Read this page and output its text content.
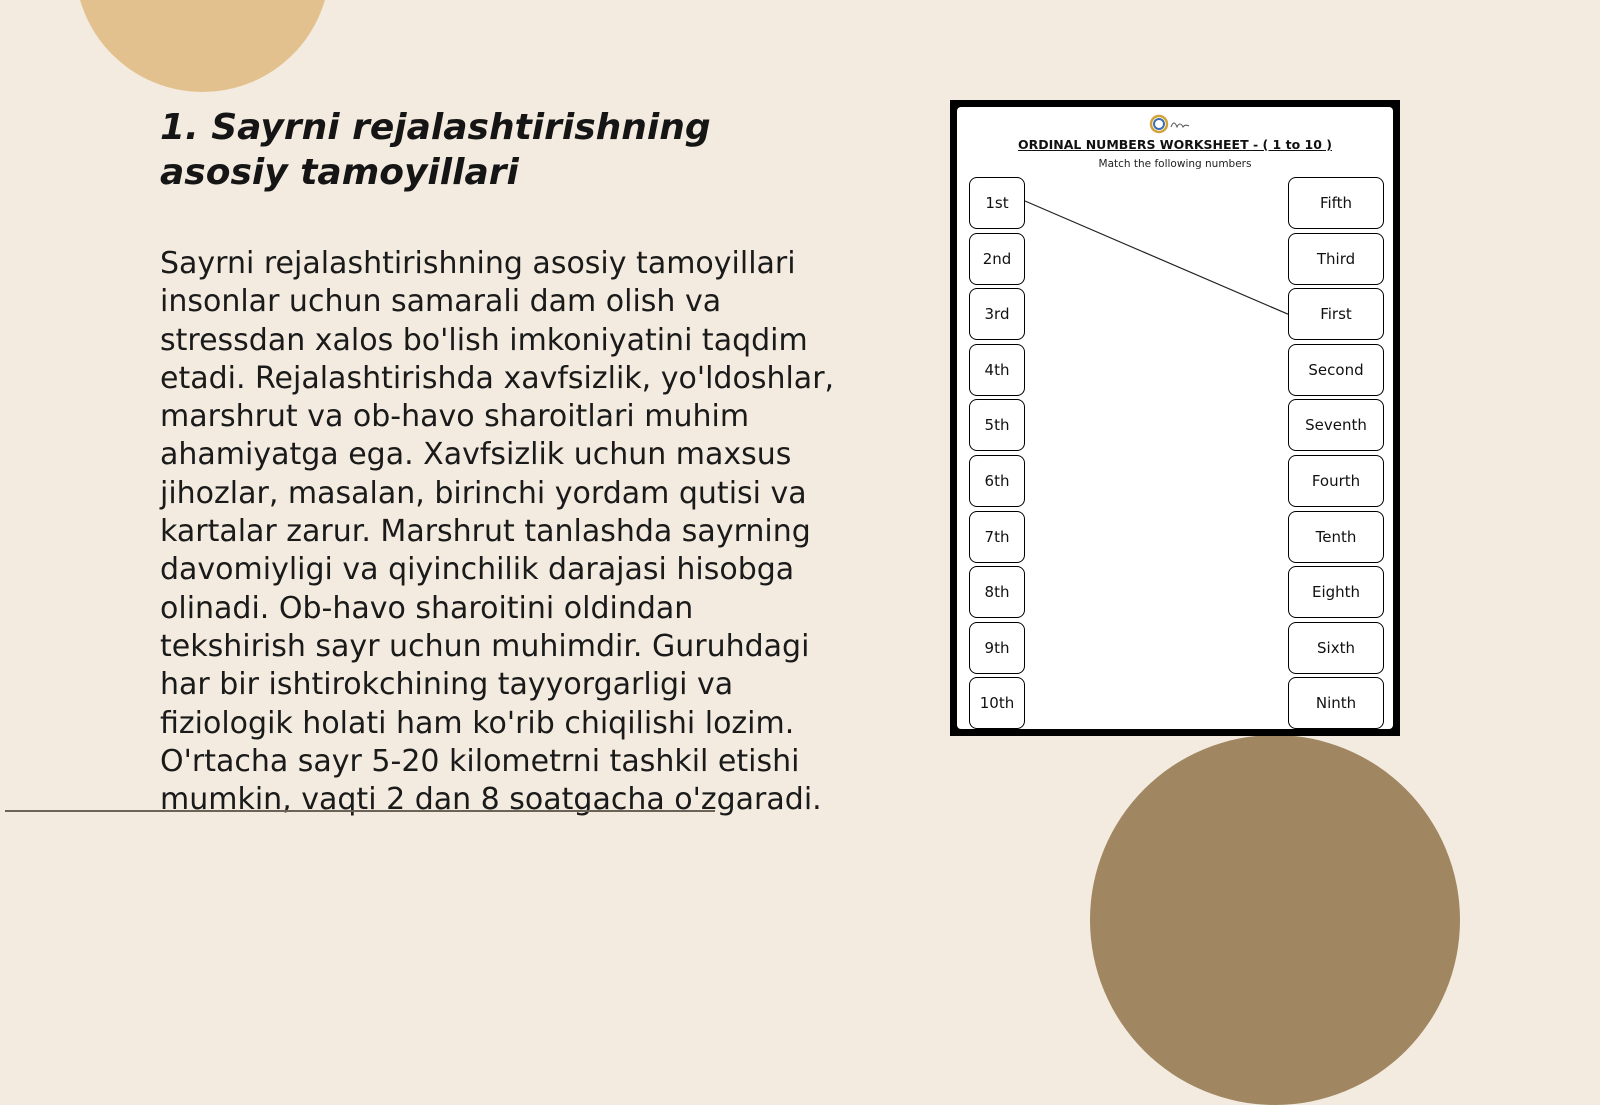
1. Sayrni rejalashtirishning asosiy tamoyillari

Sayrni rejalashtirishning asosiy tamoyillari insonlar uchun samarali dam olish va stressdan xalos bo'lish imkoniyatini taqdim etadi. Rejalashtirishda xavfsizlik, yo'ldoshlar, marshrut va ob-havo sharoitlari muhim ahamiyatga ega. Xavfsizlik uchun maxsus jihozlar, masalan, birinchi yordam qutisi va kartalar zarur. Marshrut tanlashda sayrning davomiyligi va qiyinchilik darajasi hisobga olinadi. Ob-havo sharoitini oldindan tekshirish sayr uchun muhimdir. Guruhdagi har bir ishtirokchining tayyorgarligi va fiziologik holati ham ko'rib chiqilishi lozim. O'rtacha sayr 5-20 kilometrni tashkil etishi mumkin, vaqti 2 dan 8 soatgacha o'zgaradi.

ORDINAL NUMBERS WORKSHEET - ( 1 to 10 )
Match the following numbers
1st
2nd
3rd
4th
5th
6th
7th
8th
9th
10th
Fifth
Third
First
Second
Seventh
Fourth
Tenth
Eighth
Sixth
Ninth
